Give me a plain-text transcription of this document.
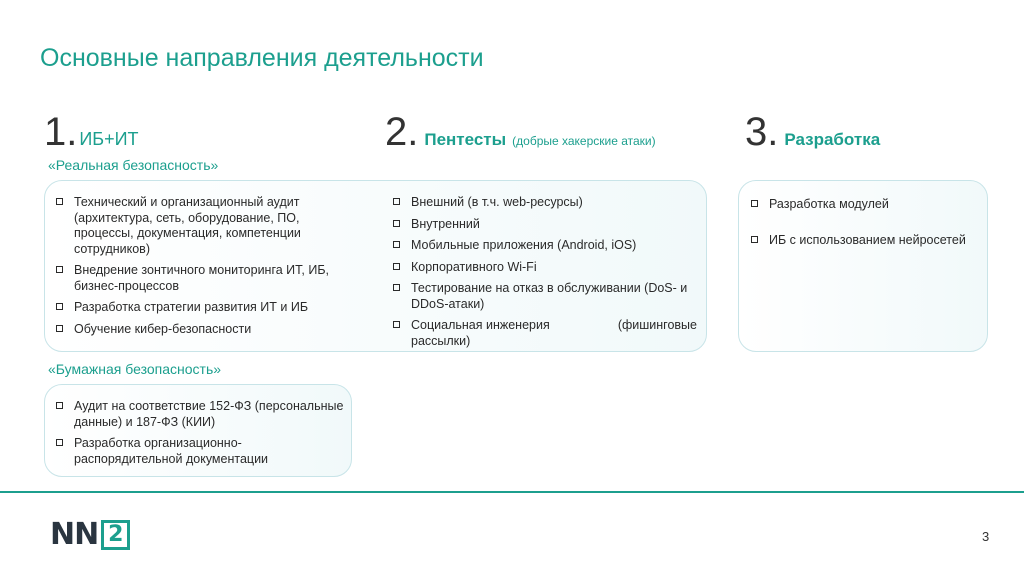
Основные направления деятельности
1. ИБ+ИТ
«Реальная безопасность»
2. Пентесты (добрые хакерские атаки) 3. Разработка
Технический и организационный аудит (архитектура, сеть, оборудование, ПО, процессы, документация, компетенции сотрудников)
Внедрение зонтичного мониторинга ИТ, ИБ, бизнес-процессов
Разработка стратегии развития ИТ и ИБ
Обучение кибер-безопасности
Внешний (в т.ч. web-ресурсы)
Внутренний
Мобильные приложения (Android, iOS)
Корпоративного Wi-Fi
Тестирование на отказ в обслуживании (DoS- и DDoS-атаки)
Социальная инженерия	(фишинговые
рассылки)
Разработка модулей
ИБ с использованием нейросетей
«Бумажная безопасность»
Аудит на соответствие 152-ФЗ (персональные данные) и 187-ФЗ (КИИ)
Разработка организационно-распорядительной документации
NN 2	3
